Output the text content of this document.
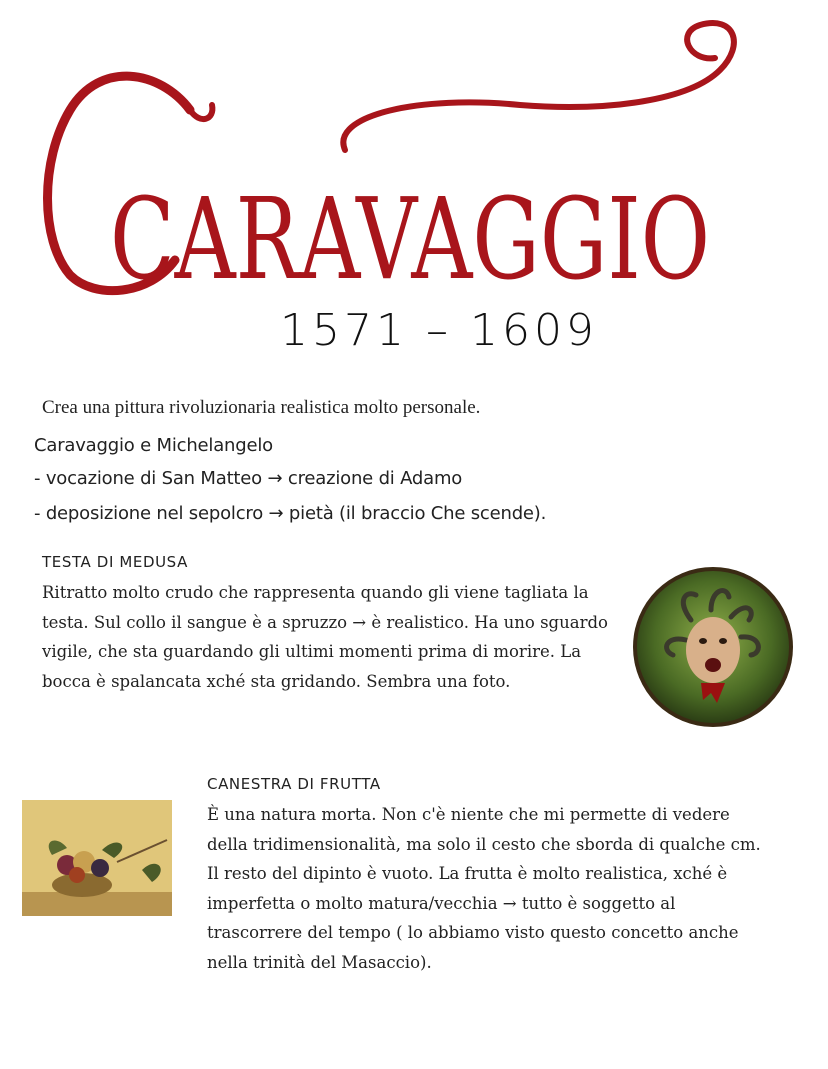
CARAVAGGIO
1571 – 1609
Crea una pittura rivoluzionaria realistica molto personale.
Caravaggio e Michelangelo
- vocazione di San Matteo → creazione di Adamo
- deposizione nel sepolcro → pietà (il braccio Che scende).
TESTA DI MEDUSA
Ritratto molto crudo che rappresenta quando gli viene tagliata la testa. Sul collo il sangue è a spruzzo → è realistico. Ha uno sguardo vigile, che sta guardando gli ultimi momenti prima di morire. La bocca è spalancata xché sta gridando. Sembra una foto.
CANESTRA DI FRUTTA
È una natura morta. Non c'è niente che mi permette di vedere della tridimensionalità, ma solo il cesto che sborda di qualche cm. Il resto del dipinto è vuoto. La frutta è molto realistica, xché è imperfetta o molto matura/vecchia → tutto è soggetto al trascorrere del tempo ( lo abbiamo visto questo concetto anche nella trinità del Masaccio).
